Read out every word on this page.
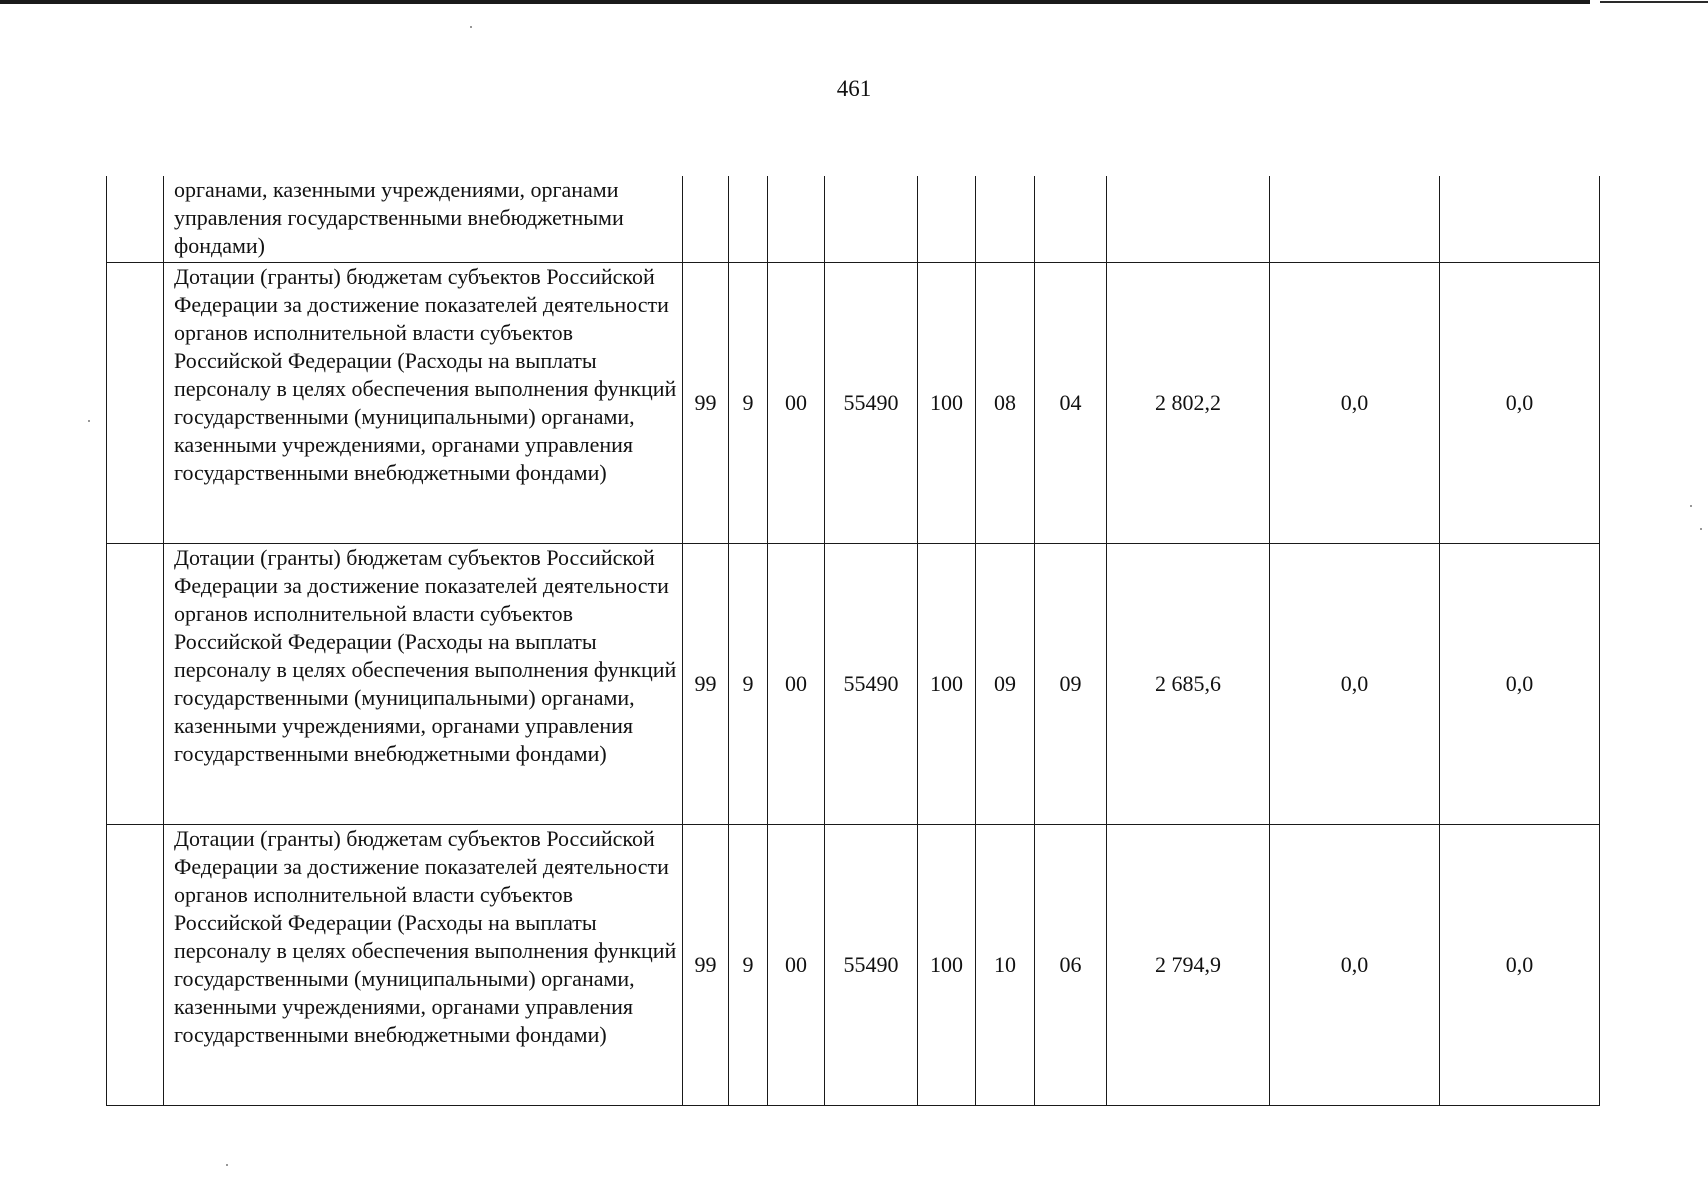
461
	органами, казенными учреждениями, органами управления государственными внебюджетными фондами)										
	Дотации (гранты) бюджетам субъектов Российской Федерации за достижение показателей деятельности органов исполнительной власти субъектов Российской Федерации (Расходы на выплаты персоналу в целях обеспечения выполнения функций государственными (муниципальными) органами, казенными учреждениями, органами управления государственными внебюджетными фондами)	99	9	00	55490	100	08	04	2 802,2	0,0	0,0
	Дотации (гранты) бюджетам субъектов Российской Федерации за достижение показателей деятельности органов исполнительной власти субъектов Российской Федерации (Расходы на выплаты персоналу в целях обеспечения выполнения функций государственными (муниципальными) органами, казенными учреждениями, органами управления государственными внебюджетными фондами)	99	9	00	55490	100	09	09	2 685,6	0,0	0,0
	Дотации (гранты) бюджетам субъектов Российской Федерации за достижение показателей деятельности органов исполнительной власти субъектов Российской Федерации (Расходы на выплаты персоналу в целях обеспечения выполнения функций государственными (муниципальными) органами, казенными учреждениями, органами управления государственными внебюджетными фондами)	99	9	00	55490	100	10	06	2 794,9	0,0	0,0
